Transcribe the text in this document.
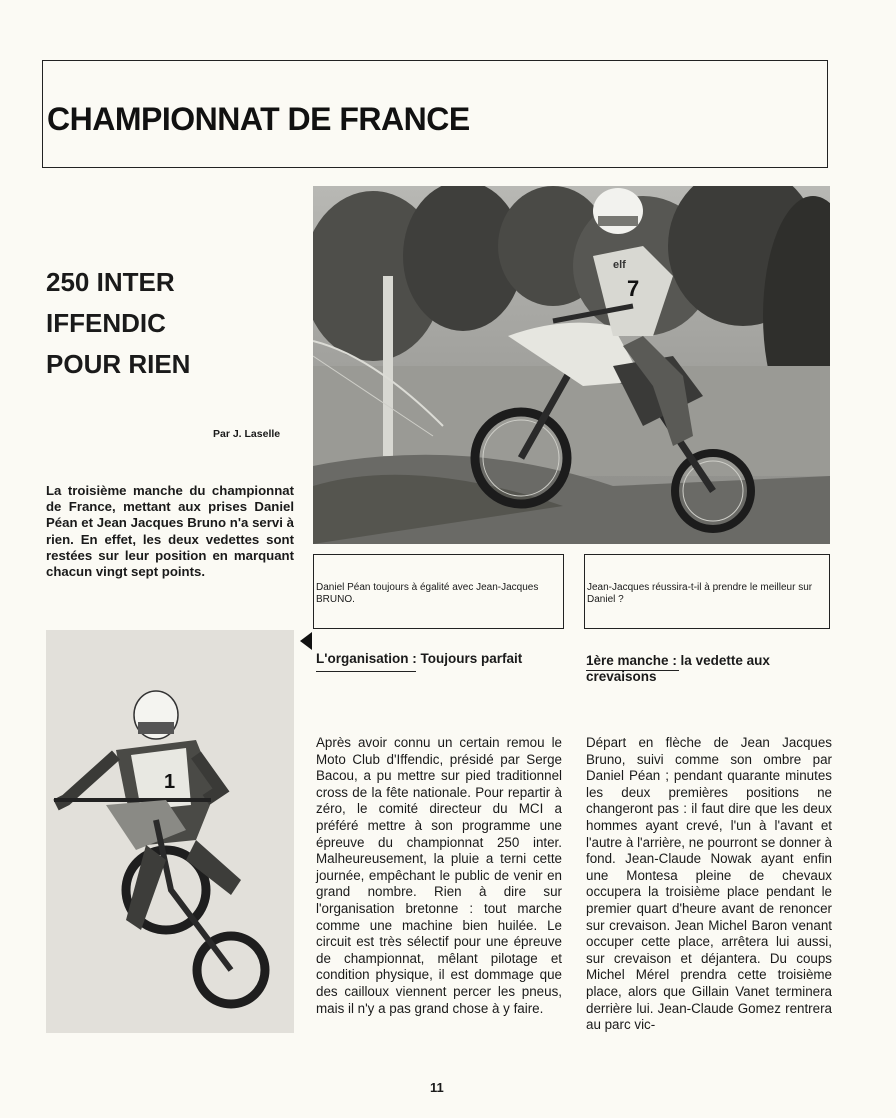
CHAMPIONNAT DE FRANCE
250 INTER
IFFENDIC
POUR RIEN
Par J. Laselle
La troisième manche du championnat de France, mettant aux prises Daniel Péan et Jean Jacques Bruno n'a servi à rien. En effet, les deux vedettes sont restées sur leur position en marquant chacun vingt sept points.
7
elf
Daniel Péan toujours à égalité avec Jean-Jacques BRUNO.
Jean-Jacques réussira-t-il à prendre le meilleur sur Daniel ?
1
L'organisation : Toujours parfait	1ère manche : la vedette aux crevaisons
Après avoir connu un certain remou le Moto Club d'Iffendic, présidé par Serge Bacou, a pu mettre sur pied traditionnel cross de la fête nationale. Pour repartir à zéro, le comité directeur du MCI a préféré mettre à son programme une épreuve du championnat 250 inter. Malheureusement, la pluie a terni cette journée, empêchant le public de venir en grand nombre. Rien à dire sur l'organisation bretonne : tout marche comme une machine bien huilée. Le circuit est très sélectif pour une épreuve de championnat, mêlant pilotage et condition physique, il est dommage que des cailloux viennent percer les pneus, mais il n'y a pas grand chose à y faire.
Départ en flèche de Jean Jacques Bruno, suivi comme son ombre par Daniel Péan ; pendant quarante minutes les deux premières positions ne changeront pas : il faut dire que les deux hommes ayant crevé, l'un à l'avant et l'autre à l'arrière, ne pourront se donner à fond. Jean-Claude Nowak ayant enfin une Montesa pleine de chevaux occupera la troisième place pendant le premier quart d'heure avant de renoncer sur crevaison. Jean Michel Baron venant occuper cette place, arrêtera lui aussi, sur crevaison et déjantera. Du coups Michel Mérel prendra cette troisième place, alors que Gillain Vanet terminera derrière lui. Jean-Claude Gomez rentrera au parc vic-
11
